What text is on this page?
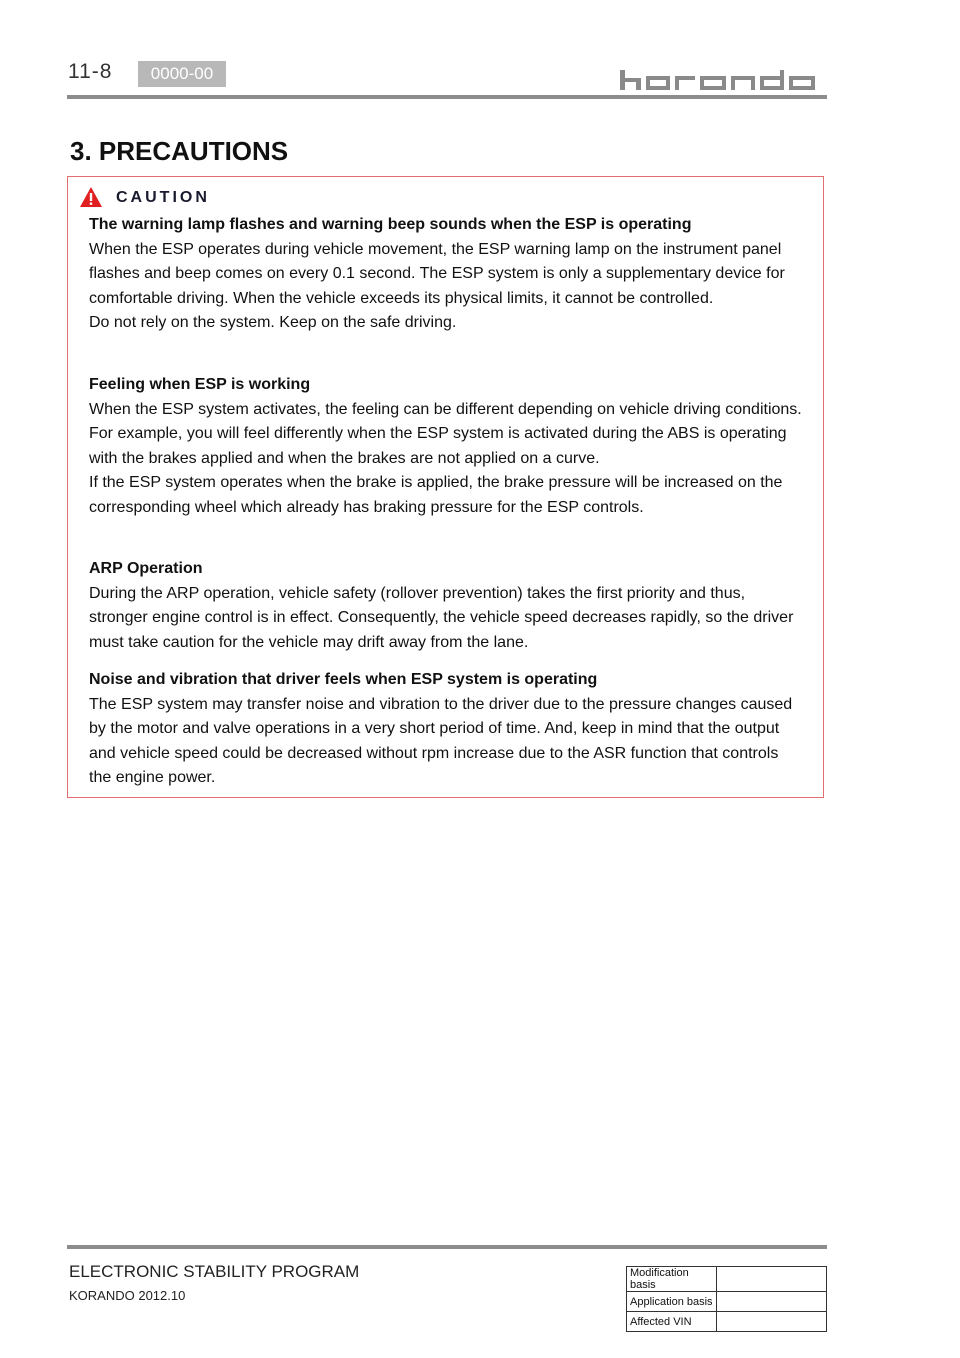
11-8	0000-00
3. PRECAUTIONS
CAUTION
The warning lamp flashes and warning beep sounds when the ESP is operating
When the ESP operates during vehicle movement, the ESP warning lamp on the instrument panel
flashes and beep comes on every 0.1 second. The ESP system is only a supplementary device for
comfortable driving. When the vehicle exceeds its physical limits, it cannot be controlled.
Do not rely on the system. Keep on the safe driving.
Feeling when ESP is working
When the ESP system activates, the feeling can be different depending on vehicle driving conditions.
For example, you will feel differently when the ESP system is activated during the ABS is operating
with the brakes applied and when the brakes are not applied on a curve.
If the ESP system operates when the brake is applied, the brake pressure will be increased on the
corresponding wheel which already has braking pressure for the ESP controls.
ARP Operation
During the ARP operation, vehicle safety (rollover prevention) takes the first priority and thus,
stronger engine control is in effect. Consequently, the vehicle speed decreases rapidly, so the driver
must take caution for the vehicle may drift away from the lane.
Noise and vibration that driver feels when ESP system is operating
The ESP system may transfer noise and vibration to the driver due to the pressure changes caused
by the motor and valve operations in a very short period of time. And, keep in mind that the output
and vehicle speed could be decreased without rpm increase due to the ASR function that controls
the engine power.
ELECTRONIC STABILITY PROGRAM
KORANDO 2012.10
Modification basis	
Application basis	
Affected VIN	
